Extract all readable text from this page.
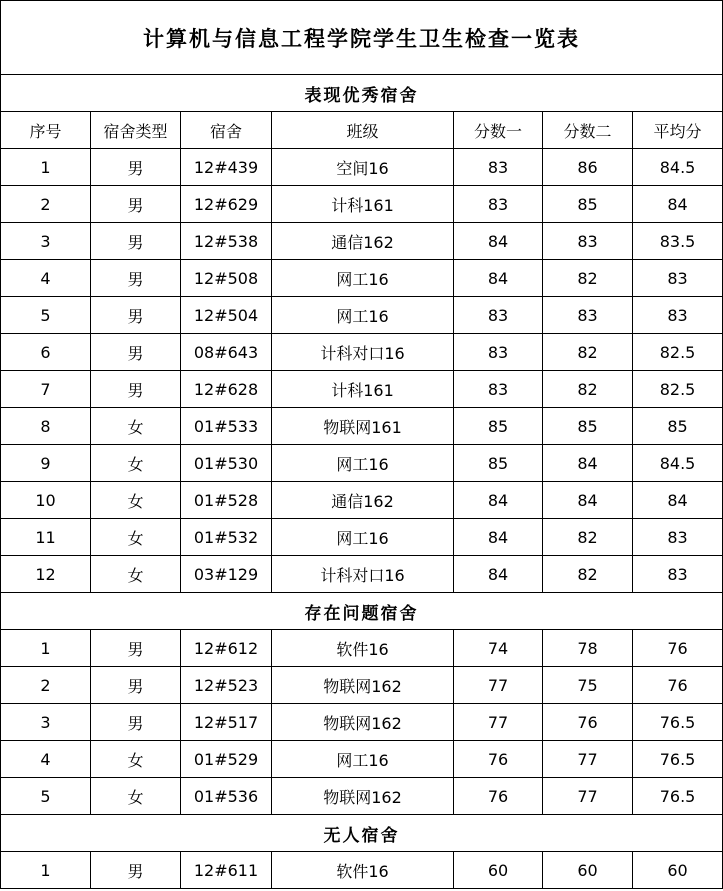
计算机与信息工程学院学生卫生检查一览表						
表现优秀宿舍						
序号	宿舍类型	宿舍	班级	分数一	分数二	平均分
1	男	12#439	空间16	83	86	84.5
2	男	12#629	计科161	83	85	84
3	男	12#538	通信162	84	83	83.5
4	男	12#508	网工16	84	82	83
5	男	12#504	网工16	83	83	83
6	男	08#643	计科对口16	83	82	82.5
7	男	12#628	计科161	83	82	82.5
8	女	01#533	物联网161	85	85	85
9	女	01#530	网工16	85	84	84.5
10	女	01#528	通信162	84	84	84
11	女	01#532	网工16	84	82	83
12	女	03#129	计科对口16	84	82	83
存在问题宿舍						
1	男	12#612	软件16	74	78	76
2	男	12#523	物联网162	77	75	76
3	男	12#517	物联网162	77	76	76.5
4	女	01#529	网工16	76	77	76.5
5	女	01#536	物联网162	76	77	76.5
无人宿舍						
1	男	12#611	软件16	60	60	60
